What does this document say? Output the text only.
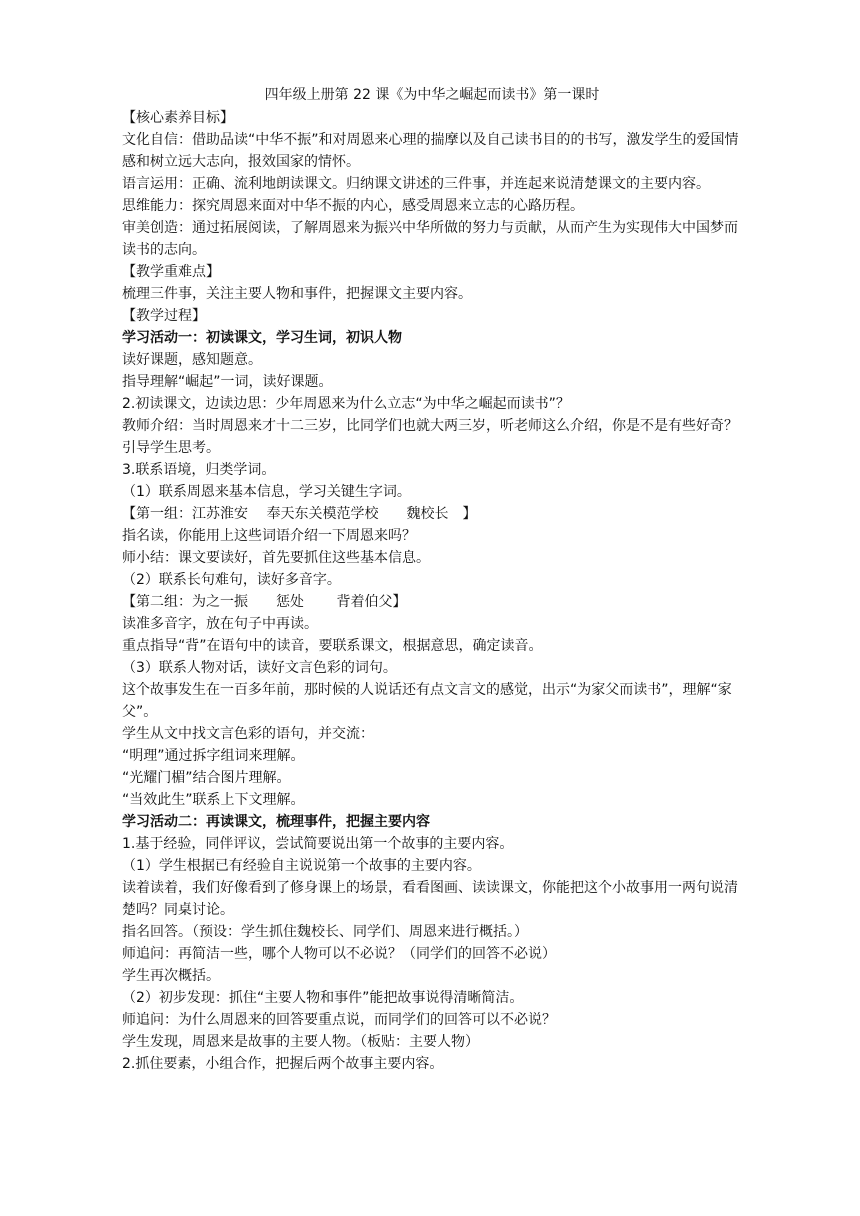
四年级上册第 22 课《为中华之崛起而读书》第一课时

【核心素养目标】

文化自信：借助品读“中华不振”和对周恩来心理的揣摩以及自己读书目的的书写，激发学生的爱国情感和树立远大志向，报效国家的情怀。

语言运用：正确、流利地朗读课文。归纳课文讲述的三件事，并连起来说清楚课文的主要内容。

思维能力：探究周恩来面对中华不振的内心，感受周恩来立志的心路历程。

审美创造：通过拓展阅读，了解周恩来为振兴中华所做的努力与贡献，从而产生为实现伟大中国梦而读书的志向。

【教学重难点】

梳理三件事，关注主要人物和事件，把握课文主要内容。

【教学过程】

学习活动一：初读课文，学习生词，初识人物

读好课题，感知题意。

指导理解“崛起”一词，读好课题。

2.初读课文，边读边思：少年周恩来为什么立志“为中华之崛起而读书”？

教师介绍：当时周恩来才十二三岁，比同学们也就大两三岁，听老师这么介绍，你是不是有些好奇？引导学生思考。

3.联系语境，归类学词。

（1）联系周恩来基本信息，学习关键生字词。

【第一组：江苏淮安　 奉天东关模范学校　　魏校长　】

指名读，你能用上这些词语介绍一下周恩来吗？

师小结：课文要读好，首先要抓住这些基本信息。

（2）联系长句难句，读好多音字。

【第二组：为之一振　　惩处　　 背着伯父】

读准多音字，放在句子中再读。

重点指导“背”在语句中的读音，要联系课文，根据意思，确定读音。

（3）联系人物对话，读好文言色彩的词句。

这个故事发生在一百多年前，那时候的人说话还有点文言文的感觉，出示“为家父而读书”，理解“家父”。

学生从文中找文言色彩的语句，并交流：

“明理”通过拆字组词来理解。

“光耀门楣”结合图片理解。

“当效此生”联系上下文理解。

学习活动二：再读课文，梳理事件，把握主要内容

1.基于经验，同伴评议，尝试简要说出第一个故事的主要内容。

（1）学生根据已有经验自主说说第一个故事的主要内容。

读着读着，我们好像看到了修身课上的场景，看看图画、读读课文，你能把这个小故事用一两句说清楚吗？同桌讨论。

指名回答。（预设：学生抓住魏校长、同学们、周恩来进行概括。）

师追问：再简洁一些，哪个人物可以不必说？（同学们的回答不必说）

学生再次概括。

（2）初步发现：抓住“主要人物和事件”能把故事说得清晰简洁。

师追问：为什么周恩来的回答要重点说，而同学们的回答可以不必说？

学生发现，周恩来是故事的主要人物。（板贴：主要人物）

2.抓住要素，小组合作，把握后两个故事主要内容。
